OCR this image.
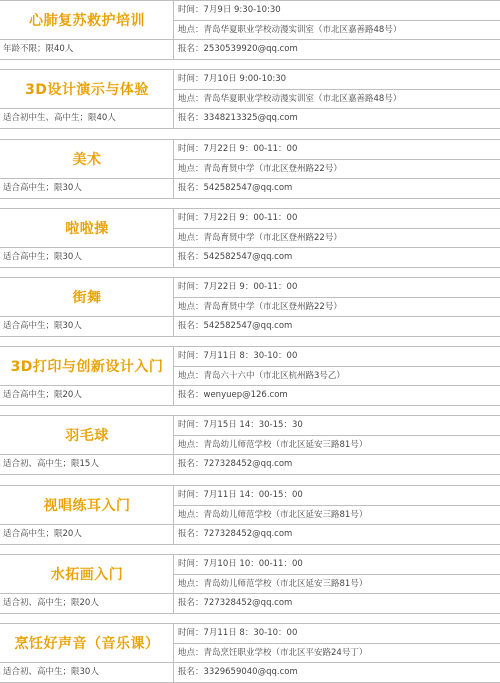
心肺复苏救护培训
年龄不限；限40人
时间：7月9日 9:30-10:30
地点：青岛华夏职业学校动漫实训室（市北区嘉善路48号）
报名：2530539920@qq.com
3D设计演示与体验
适合初中生、高中生；限40人
时间：7月10日 9:00-10:30
地点：青岛华夏职业学校动漫实训室（市北区嘉善路48号）
报名：3348213325@qq.com
美术
适合高中生；限30人
时间：7月22日 9：00-11：00
地点：青岛育贤中学（市北区登州路22号）
报名：542582547@qq.com
啦啦操
适合高中生；限30人
时间：7月22日 9：00-11：00
地点：青岛育贤中学（市北区登州路22号）
报名：542582547@qq.com
街舞
适合高中生；限30人
时间：7月22日 9：00-11：00
地点：青岛育贤中学（市北区登州路22号）
报名：542582547@qq.com
3D打印与创新设计入门
适合高中生；限20人
时间：7月11日 8：30-10：00
地点：青岛六十六中（市北区杭州路3号乙）
报名：wenyuep@126.com
羽毛球
适合初、高中生；限15人
时间：7月15日 14：30-15：30
地点：青岛幼儿师范学校（市北区延安三路81号）
报名：727328452@qq.com
视唱练耳入门
适合高中生；限20人
时间：7月11日 14：00-15：00
地点：青岛幼儿师范学校（市北区延安三路81号）
报名：727328452@qq.com
水拓画入门
适合初、高中生；限20人
时间：7月10日 10：00-11：00
地点：青岛幼儿师范学校（市北区延安三路81号）
报名：727328452@qq.com
烹饪好声音（音乐课）
适合初、高中生；限30人
时间：7月11日 8：30-10：00
地点：青岛烹饪职业学校（市北区平安路24号丁）
报名：3329659040@qq.com
